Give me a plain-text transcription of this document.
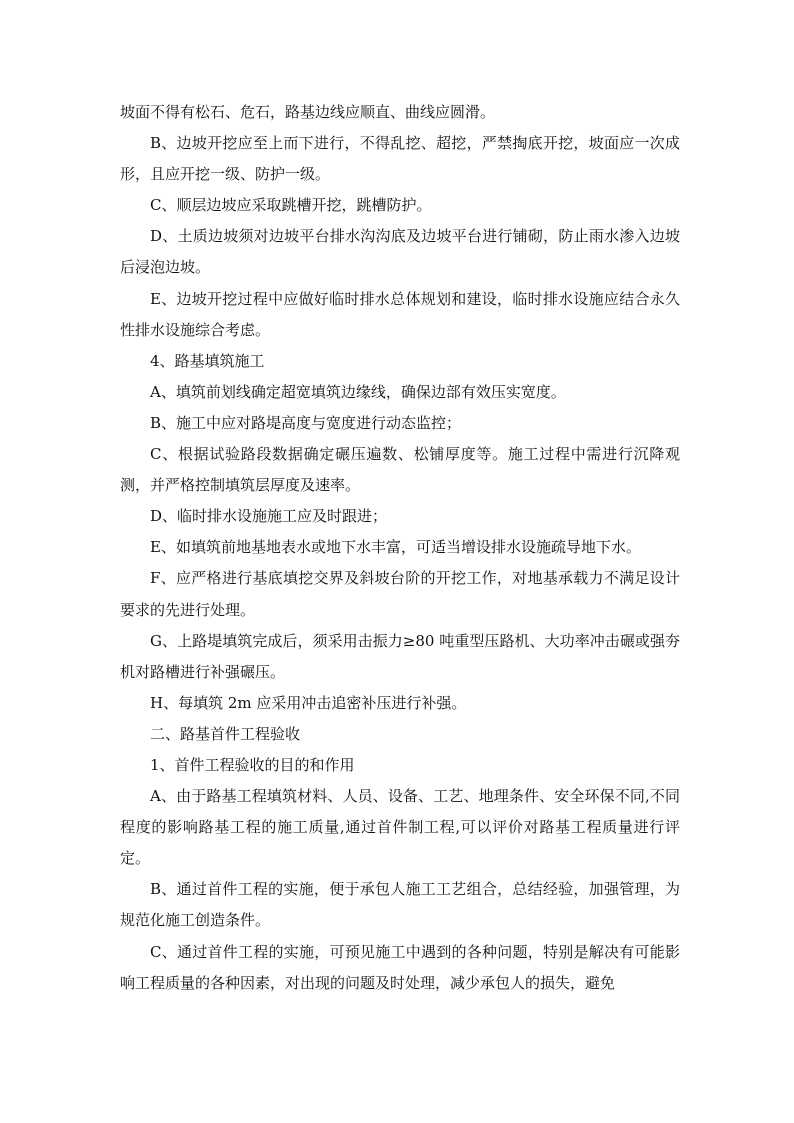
坡面不得有松石、危石，路基边线应顺直、曲线应圆滑。

B、边坡开挖应至上而下进行，不得乱挖、超挖，严禁掏底开挖，坡面应一次成形，且应开挖一级、防护一级。

C、顺层边坡应采取跳槽开挖，跳槽防护。

D、土质边坡须对边坡平台排水沟沟底及边坡平台进行铺砌，防止雨水渗入边坡后浸泡边坡。

E、边坡开挖过程中应做好临时排水总体规划和建设，临时排水设施应结合永久性排水设施综合考虑。

4、路基填筑施工

A、填筑前划线确定超宽填筑边缘线，确保边部有效压实宽度。

B、施工中应对路堤高度与宽度进行动态监控；

C、根据试验路段数据确定碾压遍数、松铺厚度等。施工过程中需进行沉降观测，并严格控制填筑层厚度及速率。

D、临时排水设施施工应及时跟进；

E、如填筑前地基地表水或地下水丰富，可适当增设排水设施疏导地下水。

F、应严格进行基底填挖交界及斜坡台阶的开挖工作，对地基承载力不满足设计要求的先进行处理。

G、上路堤填筑完成后，须采用击振力≥80 吨重型压路机、大功率冲击碾或强夯机对路槽进行补强碾压。

H、每填筑 2m 应采用冲击追密补压进行补强。

二、路基首件工程验收

1、首件工程验收的目的和作用

A、由于路基工程填筑材料、人员、设备、工艺、地理条件、安全环保不同,不同程度的影响路基工程的施工质量,通过首件制工程,可以评价对路基工程质量进行评定。

B、通过首件工程的实施，便于承包人施工工艺组合，总结经验，加强管理，为规范化施工创造条件。

C、通过首件工程的实施，可预见施工中遇到的各种问题，特别是解决有可能影响工程质量的各种因素，对出现的问题及时处理，减少承包人的损失，避免
